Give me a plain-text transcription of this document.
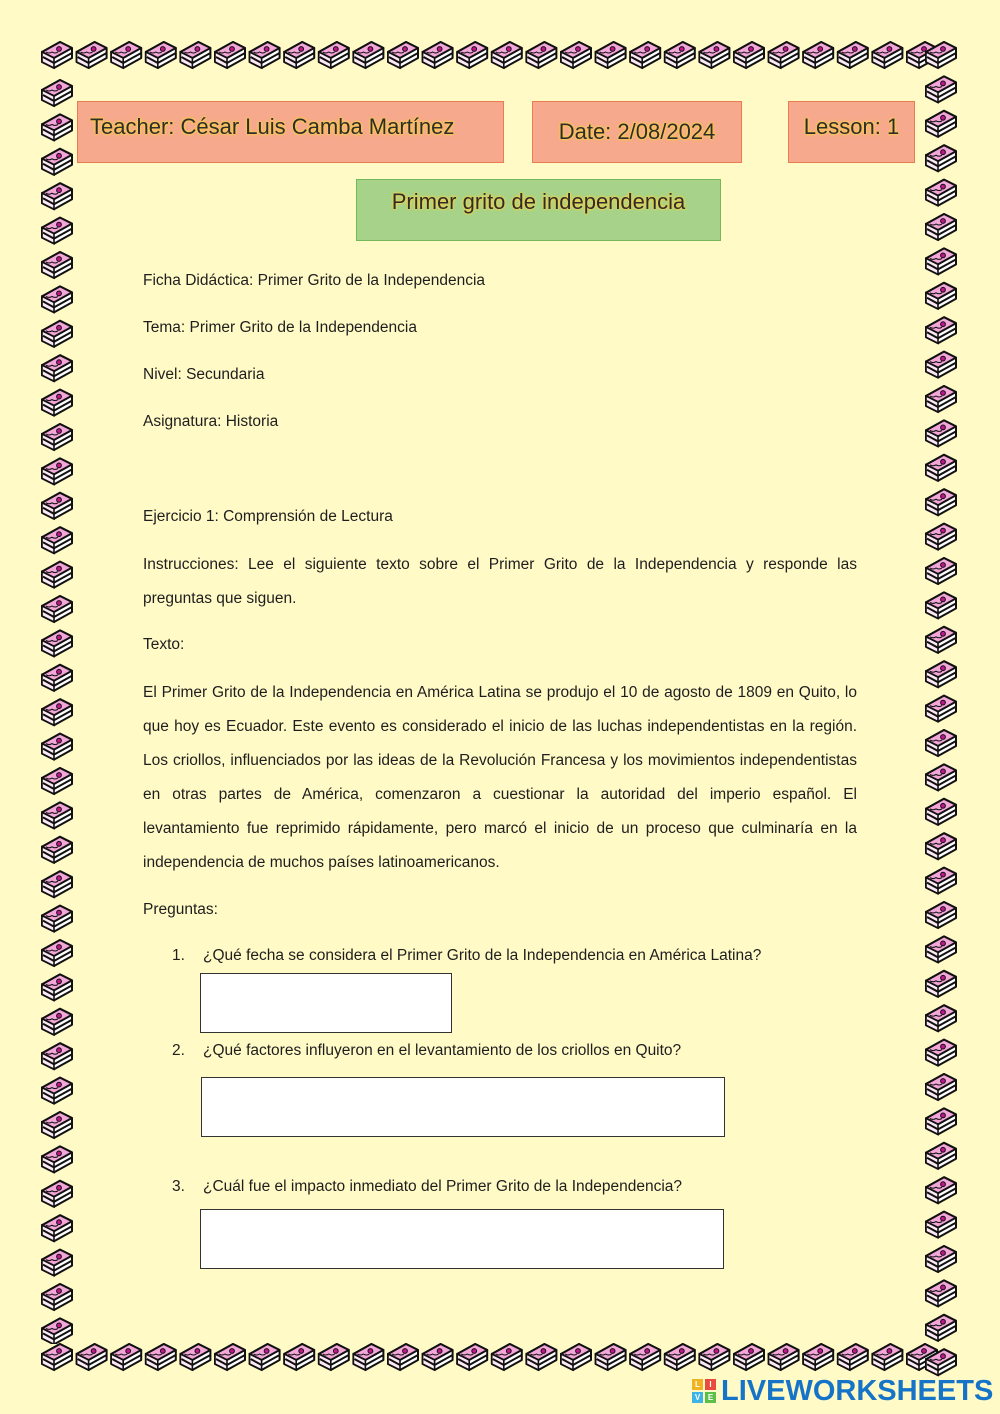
Teacher: César Luis Camba Martínez	Date: 2/08/2024	Lesson: 1
Primer grito de independencia

Ficha Didáctica: Primer Grito de la Independencia

Tema: Primer Grito de la Independencia

Nivel: Secundaria

Asignatura: Historia

Ejercicio 1: Comprensión de Lectura

Instrucciones: Lee el siguiente texto sobre el Primer Grito de la Independencia y responde las preguntas que siguen.

Texto:

El Primer Grito de la Independencia en América Latina se produjo el 10 de agosto de 1809 en Quito, lo que hoy es Ecuador. Este evento es considerado el inicio de las luchas independentistas en la región. Los criollos, influenciados por las ideas de la Revolución Francesa y los movimientos independentistas en otras partes de América, comenzaron a cuestionar la autoridad del imperio español. El levantamiento fue reprimido rápidamente, pero marcó el inicio de un proceso que culminaría en la independencia de muchos países latinoamericanos.

Preguntas:

1. ¿Qué fecha se considera el Primer Grito de la Independencia en América Latina?
2. ¿Qué factores influyeron en el levantamiento de los criollos en Quito?
3. ¿Cuál fue el impacto inmediato del Primer Grito de la Independencia?
L	I
V E LIVEWORKSHEETS
